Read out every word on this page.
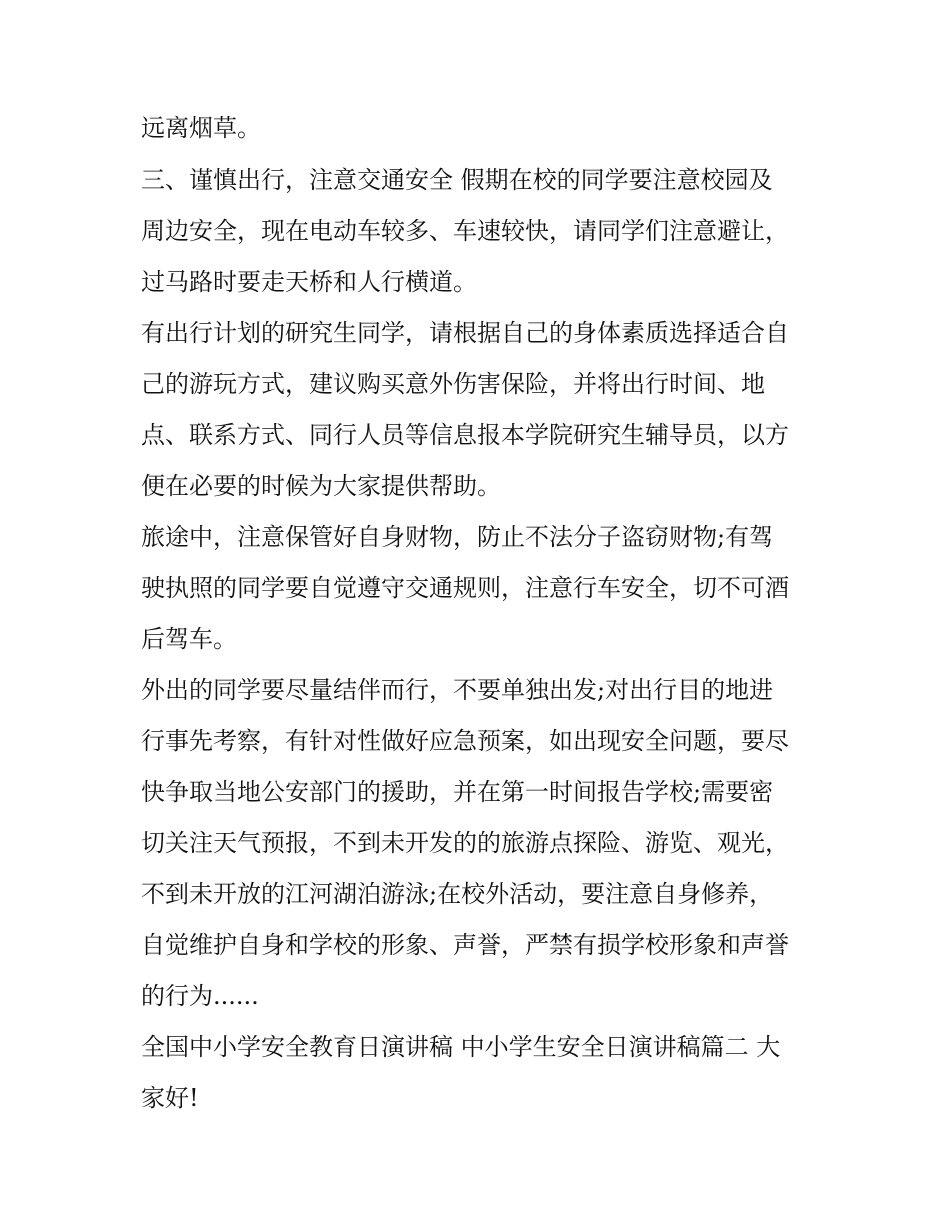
远离烟草。

三、谨慎出行，注意交通安全 假期在校的同学要注意校园及

周边安全，现在电动车较多、车速较快，请同学们注意避让，

过马路时要走天桥和人行横道。

有出行计划的研究生同学，请根据自己的身体素质选择适合自

己的游玩方式，建议购买意外伤害保险，并将出行时间、地

点、联系方式、同行人员等信息报本学院研究生辅导员，以方

便在必要的时候为大家提供帮助。

旅途中，注意保管好自身财物，防止不法分子盗窃财物;有驾

驶执照的同学要自觉遵守交通规则，注意行车安全，切不可酒

后驾车。

外出的同学要尽量结伴而行，不要单独出发;对出行目的地进

行事先考察，有针对性做好应急预案，如出现安全问题，要尽

快争取当地公安部门的援助，并在第一时间报告学校;需要密

切关注天气预报，不到未开发的的旅游点探险、游览、观光，

不到未开放的江河湖泊游泳;在校外活动，要注意自身修养，

自觉维护自身和学校的形象、声誉，严禁有损学校形象和声誉

的行为......

全国中小学安全教育日演讲稿 中小学生安全日演讲稿篇二 大

家好!
